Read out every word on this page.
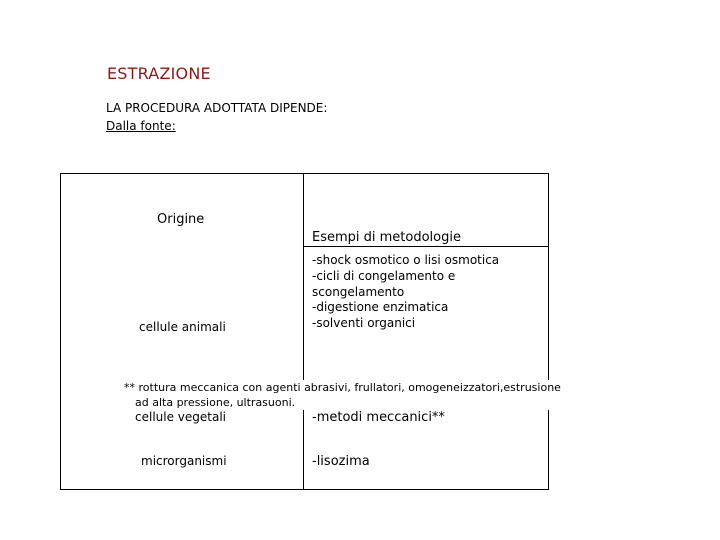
ESTRAZIONE
LA PROCEDURA ADOTTATA DIPENDE:
Dalla fonte:
Origine
Esempi di metodologie
cellule animali
-shock osmotico o lisi osmotica
-cicli di congelamento e
scongelamento
-digestione enzimatica
-solventi organici
** rottura meccanica con agenti abrasivi, frullatori, omogeneizzatori,estrusione
ad alta pressione, ultrasuoni.
cellule vegetali	-metodi meccanici**
microrganismi	-lisozima
